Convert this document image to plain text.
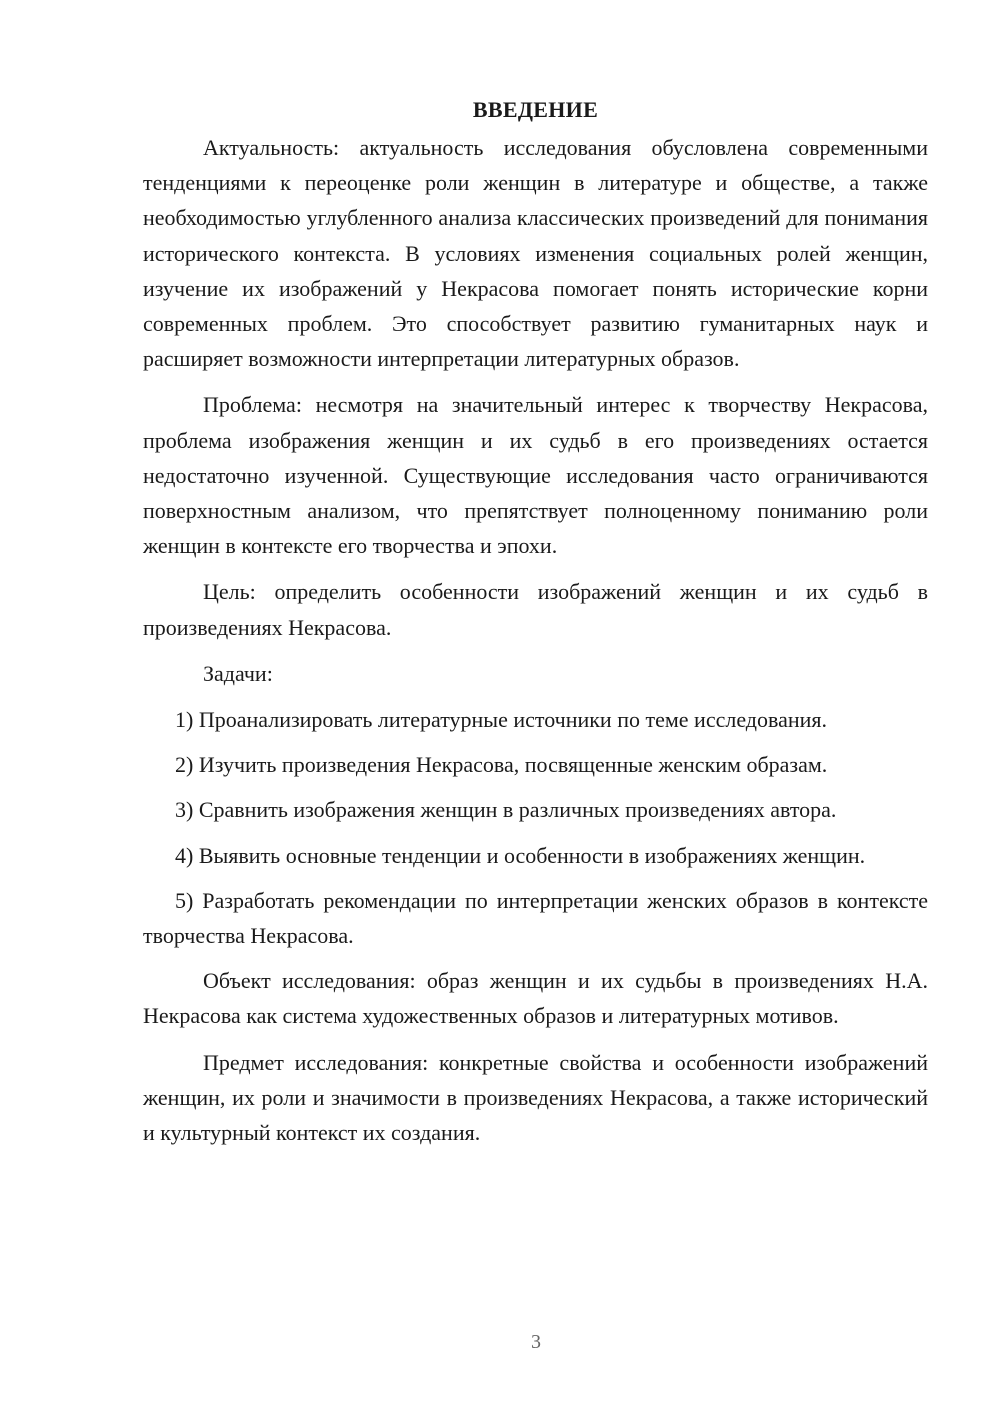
ВВЕДЕНИЕ

Актуальность: актуальность исследования обусловлена современными тенденциями к переоценке роли женщин в литературе и обществе, а также необходимостью углубленного анализа классических произведений для понимания исторического контекста. В условиях изменения социальных ролей женщин, изучение их изображений у Некрасова помогает понять исторические корни современных проблем. Это способствует развитию гуманитарных наук и расширяет возможности интерпретации литературных образов.

Проблема: несмотря на значительный интерес к творчеству Некрасова, проблема изображения женщин и их судьб в его произведениях остается недостаточно изученной. Существующие исследования часто ограничиваются поверхностным анализом, что препятствует полноценному пониманию роли женщин в контексте его творчества и эпохи.

Цель: определить особенности изображений женщин и их судьб в произведениях Некрасова.

Задачи:

1) Проанализировать литературные источники по теме исследования.

2) Изучить произведения Некрасова, посвященные женским образам.

3) Сравнить изображения женщин в различных произведениях автора.

4) Выявить основные тенденции и особенности в изображениях женщин.

5) Разработать рекомендации по интерпретации женских образов в контексте творчества Некрасова.

Объект исследования: образ женщин и их судьбы в произведениях Н.А. Некрасова как система художественных образов и литературных мотивов.

Предмет исследования: конкретные свойства и особенности изображений женщин, их роли и значимости в произведениях Некрасова, а также исторический и культурный контекст их создания.

3
